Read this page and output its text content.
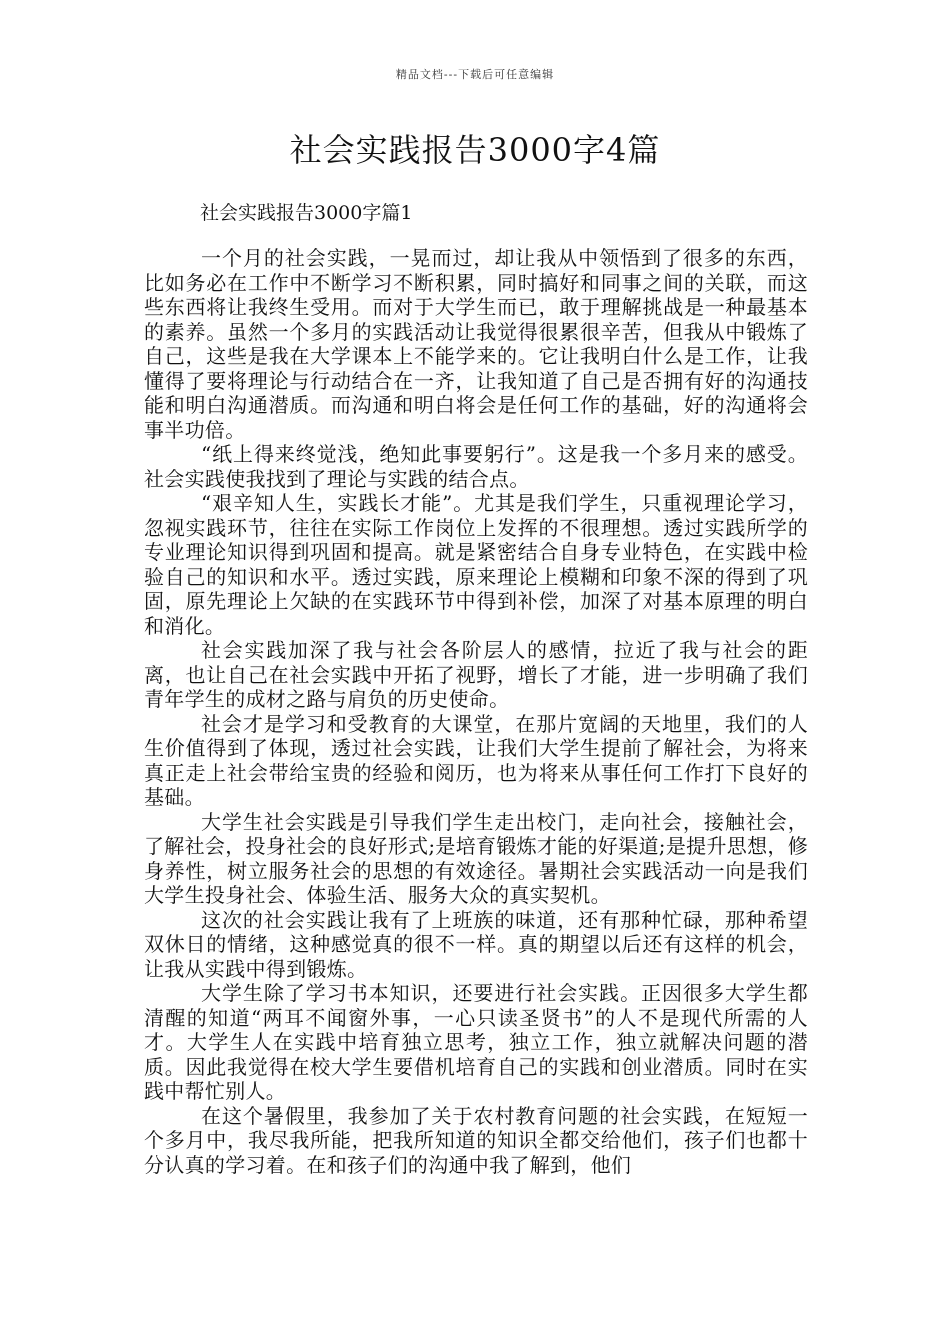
精品文档---下载后可任意编辑
社会实践报告3000字4篇
社会实践报告3000字篇1

一个月的社会实践，一晃而过，却让我从中领悟到了很多的东西，比如务必在工作中不断学习不断积累，同时搞好和同事之间的关联，而这些东西将让我终生受用。而对于大学生而已，敢于理解挑战是一种最基本的素养。虽然一个多月的实践活动让我觉得很累很辛苦，但我从中锻炼了自己，这些是我在大学课本上不能学来的。它让我明白什么是工作，让我懂得了要将理论与行动结合在一齐，让我知道了自己是否拥有好的沟通技能和明白沟通潜质。而沟通和明白将会是任何工作的基础，好的沟通将会事半功倍。

“纸上得来终觉浅，绝知此事要躬行”。这是我一个多月来的感受。社会实践使我找到了理论与实践的结合点。

“艰辛知人生，实践长才能”。尤其是我们学生，只重视理论学习，忽视实践环节，往往在实际工作岗位上发挥的不很理想。透过实践所学的专业理论知识得到巩固和提高。就是紧密结合自身专业特色，在实践中检验自己的知识和水平。透过实践，原来理论上模糊和印象不深的得到了巩固，原先理论上欠缺的在实践环节中得到补偿，加深了对基本原理的明白和消化。

社会实践加深了我与社会各阶层人的感情，拉近了我与社会的距离，也让自己在社会实践中开拓了视野，增长了才能，进一步明确了我们青年学生的成材之路与肩负的历史使命。

社会才是学习和受教育的大课堂，在那片宽阔的天地里，我们的人生价值得到了体现，透过社会实践，让我们大学生提前了解社会，为将来真正走上社会带给宝贵的经验和阅历，也为将来从事任何工作打下良好的基础。

大学生社会实践是引导我们学生走出校门，走向社会，接触社会，了解社会，投身社会的良好形式;是培育锻炼才能的好渠道;是提升思想，修身养性，树立服务社会的思想的有效途径。暑期社会实践活动一向是我们大学生投身社会、体验生活、服务大众的真实契机。

这次的社会实践让我有了上班族的味道，还有那种忙碌，那种希望双休日的情绪，这种感觉真的很不一样。真的期望以后还有这样的机会，让我从实践中得到锻炼。

大学生除了学习书本知识，还要进行社会实践。正因很多大学生都清醒的知道“两耳不闻窗外事，一心只读圣贤书”的人不是现代所需的人才。大学生人在实践中培育独立思考，独立工作，独立就解决问题的潜质。因此我觉得在校大学生要借机培育自己的实践和创业潜质。同时在实践中帮忙别人。

在这个暑假里，我参加了关于农村教育问题的社会实践，在短短一个多月中，我尽我所能，把我所知道的知识全都交给他们，孩子们也都十分认真的学习着。在和孩子们的沟通中我了解到，他们
